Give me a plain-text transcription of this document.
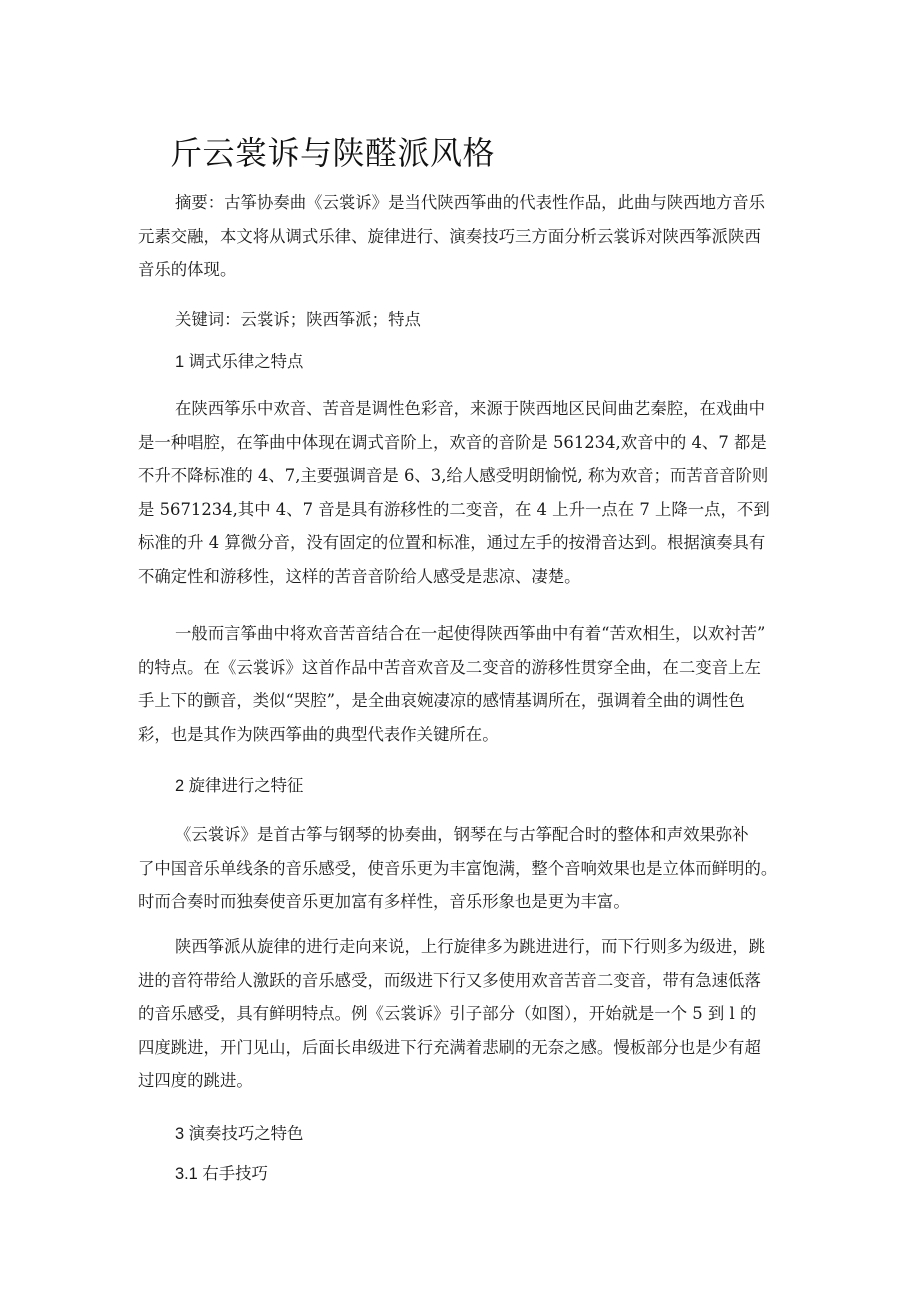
斤云裳诉与陕醛派风格
摘要：古筝协奏曲《云裳诉》是当代陕西筝曲的代表性作品，此曲与陕西地方音乐
元素交融，本文将从调式乐律、旋律进行、演奏技巧三方面分析云裳诉对陕西筝派陕西
音乐的体现。
关键词：云裳诉；陕西筝派；特点
1 调式乐律之特点
在陕西筝乐中欢音、苦音是调性色彩音，来源于陕西地区民间曲艺秦腔，在戏曲中
是一种唱腔，在筝曲中体现在调式音阶上，欢音的音阶是 561234,欢音中的 4、7 都是
不升不降标准的 4、7,主要强调音是 6、3,给人感受明朗愉悦, 称为欢音；而苦音音阶则
是 5671234,其中 4、7 音是具有游移性的二变音，在 4 上升一点在 7 上降一点，不到
标准的升 4 算微分音，没有固定的位置和标准，通过左手的按滑音达到。根据演奏具有
不确定性和游移性，这样的苦音音阶给人感受是悲凉、凄楚。
一般而言筝曲中将欢音苦音结合在一起使得陕西筝曲中有着“苦欢相生，以欢衬苦”
的特点。在《云裳诉》这首作品中苦音欢音及二变音的游移性贯穿全曲，在二变音上左
手上下的颤音，类似“哭腔”，是全曲哀婉凄凉的感情基调所在，强调着全曲的调性色
彩，也是其作为陕西筝曲的典型代表作关键所在。
2 旋律进行之特征
《云裳诉》是首古筝与钢琴的协奏曲，钢琴在与古筝配合时的整体和声效果弥补
了中国音乐单线条的音乐感受，使音乐更为丰富饱满，整个音响效果也是立体而鲜明的。
时而合奏时而独奏使音乐更加富有多样性，音乐形象也是更为丰富。
陕西筝派从旋律的进行走向来说，上行旋律多为跳进进行，而下行则多为级进，跳
进的音符带给人激跃的音乐感受，而级进下行又多使用欢音苦音二变音，带有急速低落
的音乐感受，具有鲜明特点。例《云裳诉》引子部分（如图），开始就是一个 5 到 l 的
四度跳进，开门见山，后面长串级进下行充满着悲刷的无奈之感。慢板部分也是少有超
过四度的跳进。
3 演奏技巧之特色
3.1 右手技巧
